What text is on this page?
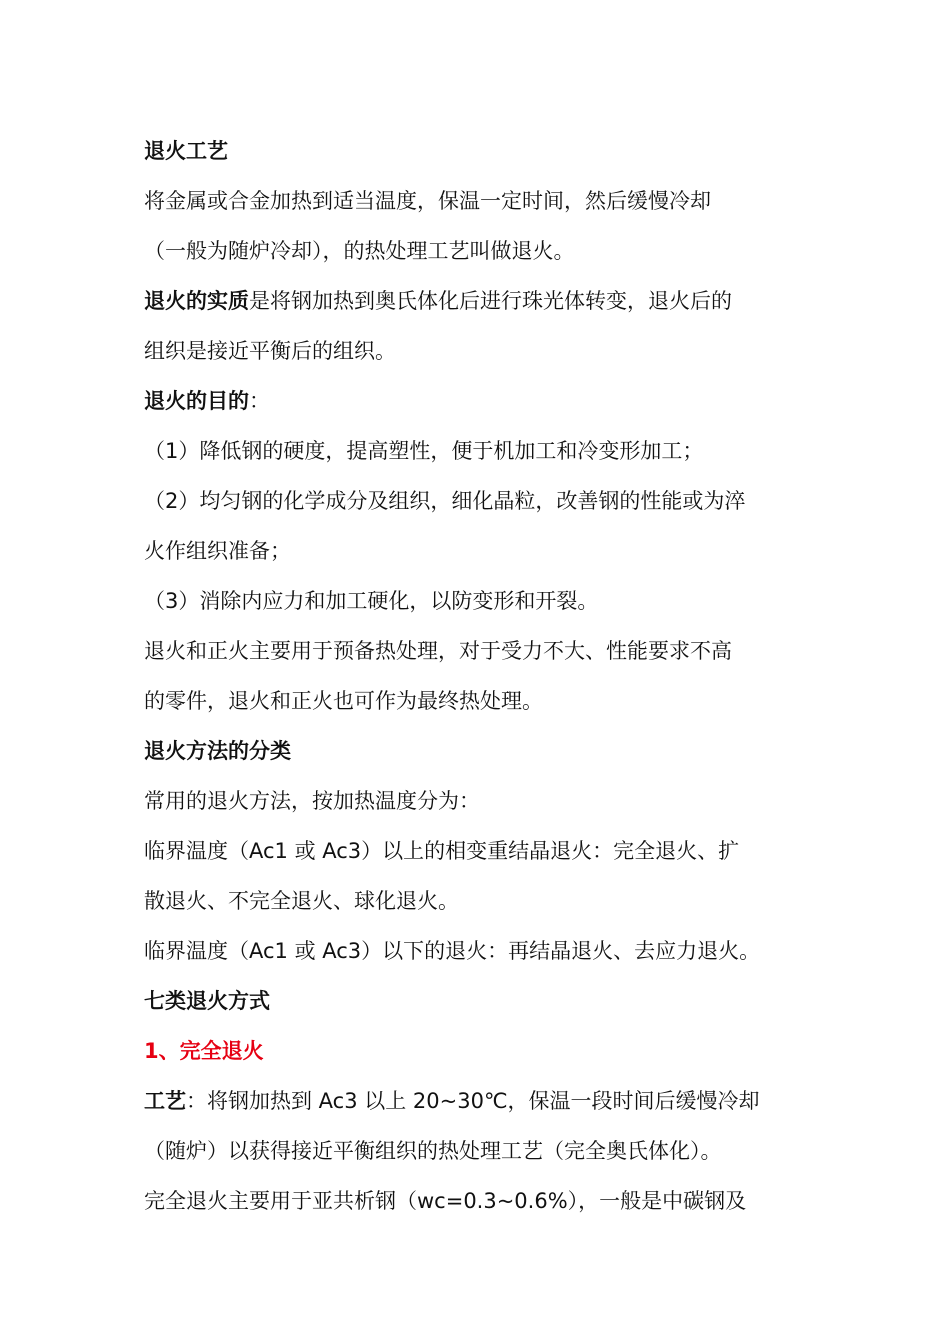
退火工艺
将金属或合金加热到适当温度，保温一定时间，然后缓慢冷却
（一般为随炉冷却），的热处理工艺叫做退火。
退火的实质是将钢加热到奥氏体化后进行珠光体转变，退火后的
组织是接近平衡后的组织。
退火的目的：
（1）降低钢的硬度，提高塑性，便于机加工和冷变形加工；
（2）均匀钢的化学成分及组织，细化晶粒，改善钢的性能或为淬
火作组织准备；
（3）消除内应力和加工硬化，以防变形和开裂。
退火和正火主要用于预备热处理，对于受力不大、性能要求不高
的零件，退火和正火也可作为最终热处理。
退火方法的分类
常用的退火方法，按加热温度分为：
临界温度（Ac1 或 Ac3）以上的相变重结晶退火：完全退火、扩
散退火、不完全退火、球化退火。
临界温度（Ac1 或 Ac3）以下的退火：再结晶退火、去应力退火。
七类退火方式
1、完全退火
工艺：将钢加热到 Ac3 以上 20~30℃，保温一段时间后缓慢冷却
（随炉）以获得接近平衡组织的热处理工艺（完全奥氏体化）。
完全退火主要用于亚共析钢（wc=0.3~0.6%），一般是中碳钢及
